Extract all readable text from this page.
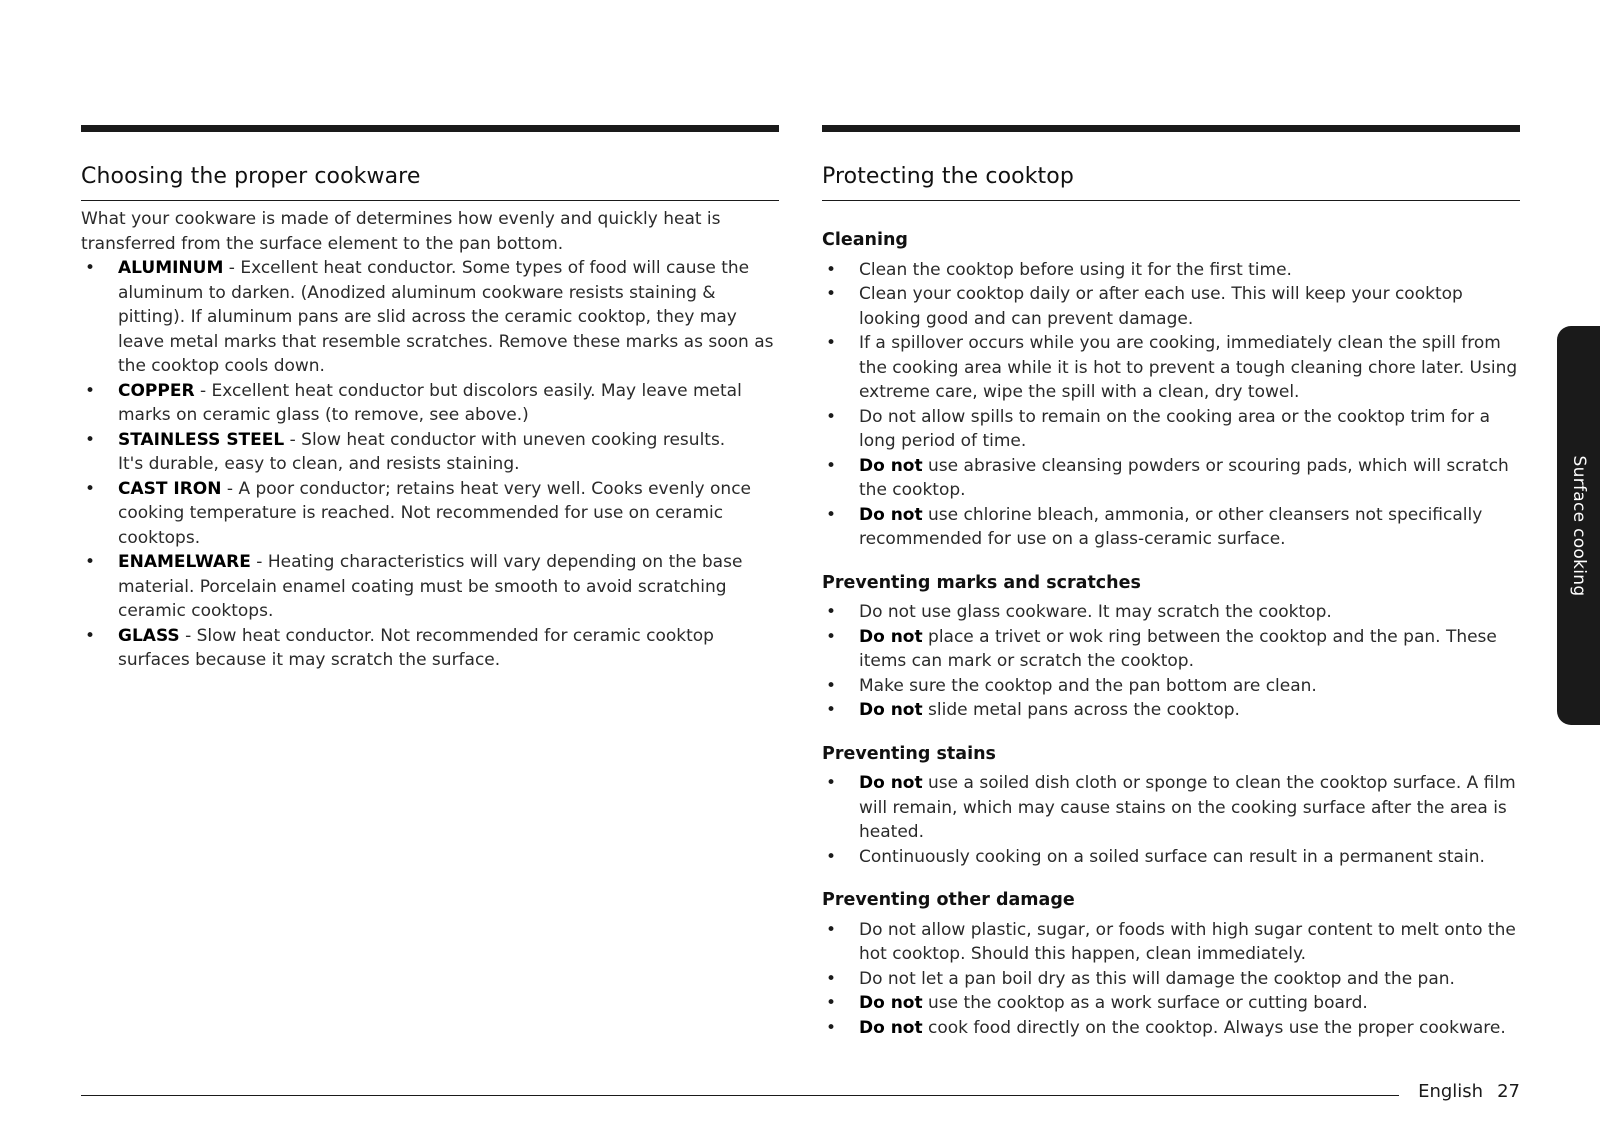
Choosing the proper cookware

What your cookware is made of determines how evenly and quickly heat is transferred from the surface element to the pan bottom.

• ALUMINUM - Excellent heat conductor. Some types of food will cause the aluminum to darken. (Anodized aluminum cookware resists staining & pitting). If aluminum pans are slid across the ceramic cooktop, they may leave metal marks that resemble scratches. Remove these marks as soon as the cooktop cools down.
• COPPER - Excellent heat conductor but discolors easily. May leave metal marks on ceramic glass (to remove, see above.)
• STAINLESS STEEL - Slow heat conductor with uneven cooking results.
It's durable, easy to clean, and resists staining.
• CAST IRON - A poor conductor; retains heat very well. Cooks evenly once cooking temperature is reached. Not recommended for use on ceramic cooktops.
• ENAMELWARE - Heating characteristics will vary depending on the base material. Porcelain enamel coating must be smooth to avoid scratching ceramic cooktops.
• GLASS - Slow heat conductor. Not recommended for ceramic cooktop surfaces because it may scratch the surface.
Protecting the cooktop
Cleaning
• Clean the cooktop before using it for the first time.
• Clean your cooktop daily or after each use. This will keep your cooktop looking good and can prevent damage.
• If a spillover occurs while you are cooking, immediately clean the spill from the cooking area while it is hot to prevent a tough cleaning chore later. Using extreme care, wipe the spill with a clean, dry towel.
• Do not allow spills to remain on the cooking area or the cooktop trim for a long period of time.
• Do not use abrasive cleansing powders or scouring pads, which will scratch the cooktop.
• Do not use chlorine bleach, ammonia, or other cleansers not specifically recommended for use on a glass-ceramic surface.
Preventing marks and scratches
• Do not use glass cookware. It may scratch the cooktop.
• Do not place a trivet or wok ring between the cooktop and the pan. These items can mark or scratch the cooktop.
• Make sure the cooktop and the pan bottom are clean.
• Do not slide metal pans across the cooktop.
Preventing stains
• Do not use a soiled dish cloth or sponge to clean the cooktop surface. A film will remain, which may cause stains on the cooking surface after the area is heated.
• Continuously cooking on a soiled surface can result in a permanent stain.
Preventing other damage
• Do not allow plastic, sugar, or foods with high sugar content to melt onto the hot cooktop. Should this happen, clean immediately.
• Do not let a pan boil dry as this will damage the cooktop and the pan.
• Do not use the cooktop as a work surface or cutting board.
• Do not cook food directly on the cooktop. Always use the proper cookware.
Surface cooking
English 27
